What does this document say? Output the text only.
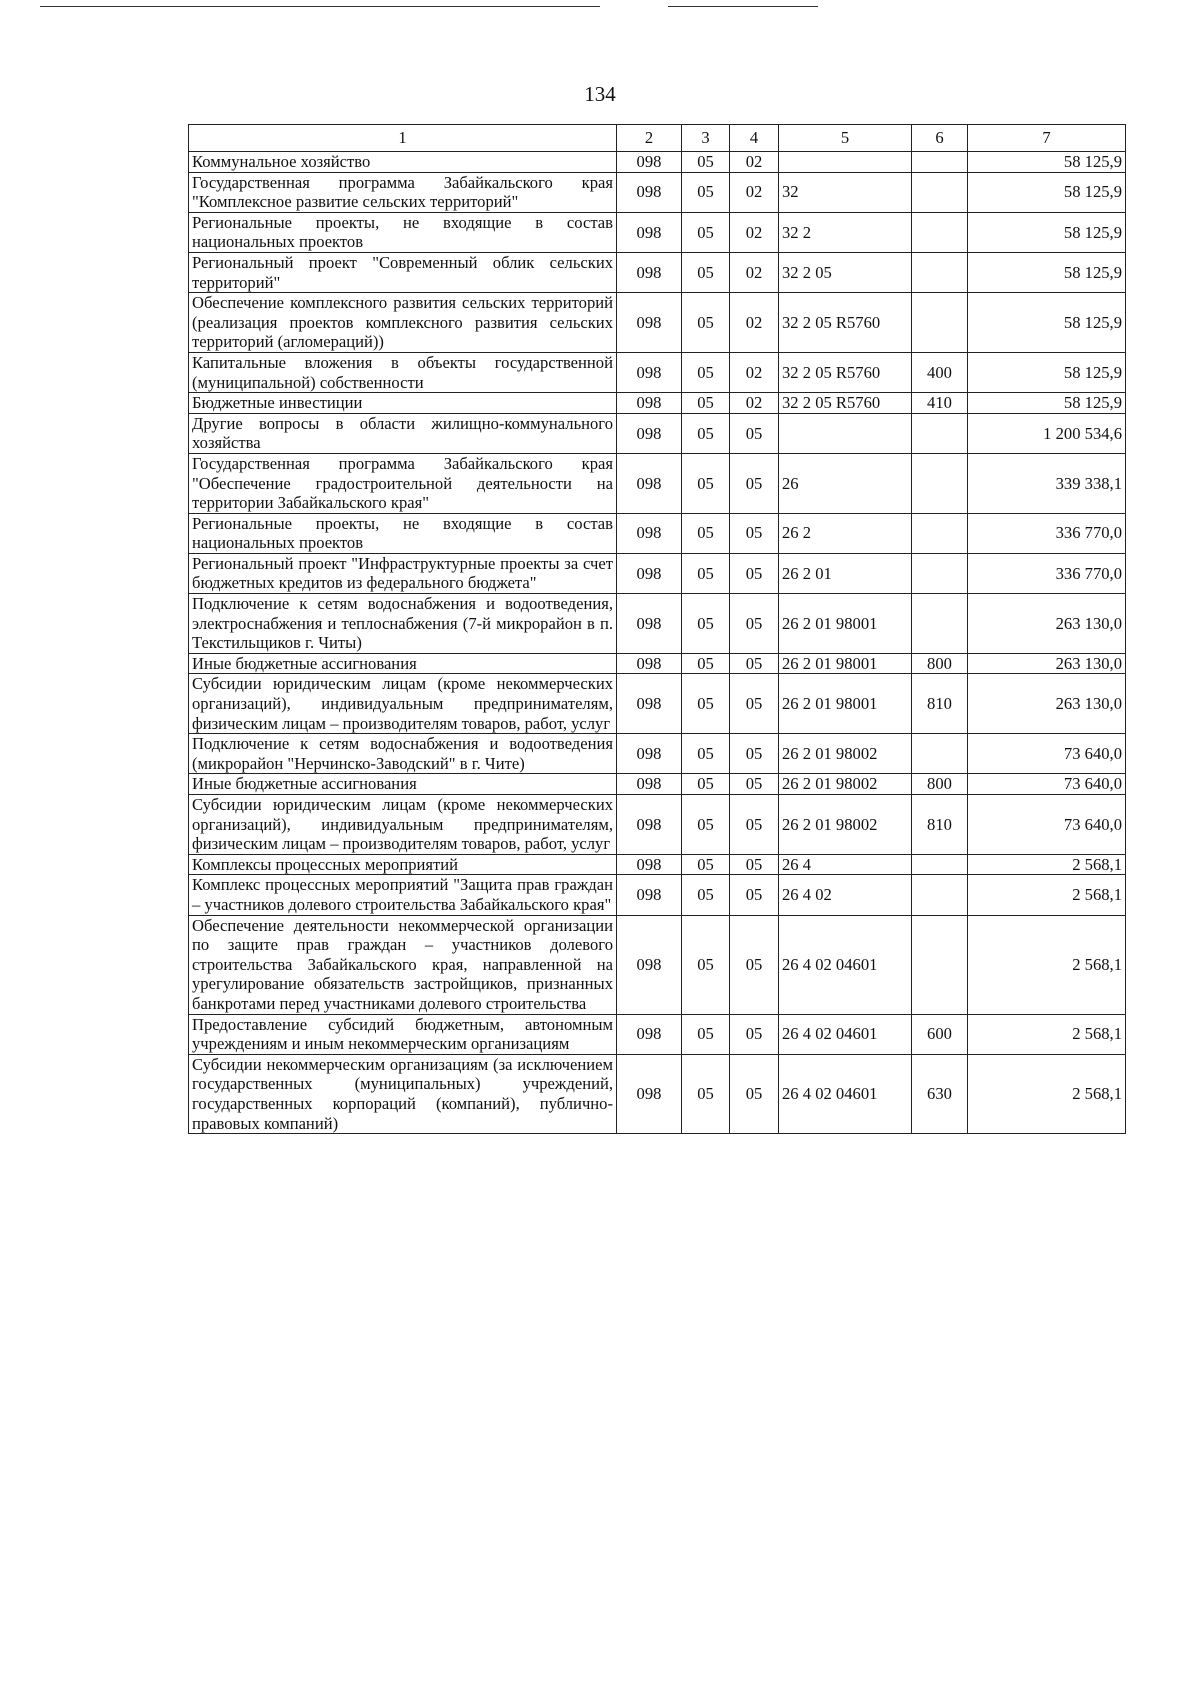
134
1	2	3	4	5	6	7
Коммунальное хозяйство	098	05	02			58 125,9
Государственная программа Забайкальского края "Комплексное развитие сельских территорий"	098	05	02	32		58 125,9
Региональные проекты, не входящие в состав национальных проектов	098	05	02	32 2		58 125,9
Региональный проект "Современный облик сельских территорий"	098	05	02	32 2 05		58 125,9
Обеспечение комплексного развития сельских территорий (реализация проектов комплексного развития сельских территорий (агломераций))	098	05	02	32 2 05 R5760		58 125,9
Капитальные вложения в объекты государственной (муниципальной) собственности	098	05	02	32 2 05 R5760	400	58 125,9
Бюджетные инвестиции	098	05	02	32 2 05 R5760	410	58 125,9
Другие вопросы в области жилищно-коммунального хозяйства	098	05	05			1 200 534,6
Государственная программа Забайкальского края "Обеспечение градостроительной деятельности на территории Забайкальского края"	098	05	05	26		339 338,1
Региональные проекты, не входящие в состав национальных проектов	098	05	05	26 2		336 770,0
Региональный проект "Инфраструктурные проекты за счет бюджетных кредитов из федерального бюджета"	098	05	05	26 2 01		336 770,0
Подключение к сетям водоснабжения и водоотведения, электроснабжения и теплоснабжения (7-й микрорайон в п. Текстильщиков г. Читы)	098	05	05	26 2 01 98001		263 130,0
Иные бюджетные ассигнования	098	05	05	26 2 01 98001	800	263 130,0
Субсидии юридическим лицам (кроме некоммерческих организаций), индивидуальным предпринимателям, физическим лицам – производителям товаров, работ, услуг	098	05	05	26 2 01 98001	810	263 130,0
Подключение к сетям водоснабжения и водоотведения (микрорайон "Нерчинско-Заводский" в г. Чите)	098	05	05	26 2 01 98002		73 640,0
Иные бюджетные ассигнования	098	05	05	26 2 01 98002	800	73 640,0
Субсидии юридическим лицам (кроме некоммерческих организаций), индивидуальным предпринимателям, физическим лицам – производителям товаров, работ, услуг	098	05	05	26 2 01 98002	810	73 640,0
Комплексы процессных мероприятий	098	05	05	26 4		2 568,1
Комплекс процессных мероприятий "Защита прав граждан – участников долевого строительства Забайкальского края"	098	05	05	26 4 02		2 568,1
Обеспечение деятельности некоммерческой организации по защите прав граждан – участников долевого строительства Забайкальского края, направленной на урегулирование обязательств застройщиков, признанных банкротами перед участниками долевого строительства	098	05	05	26 4 02 04601		2 568,1
Предоставление субсидий бюджетным, автономным учреждениям и иным некоммерческим организациям	098	05	05	26 4 02 04601	600	2 568,1
Субсидии некоммерческим организациям (за исключением государственных (муниципальных) учреждений, государственных корпораций (компаний), публично-правовых компаний)	098	05	05	26 4 02 04601	630	2 568,1
